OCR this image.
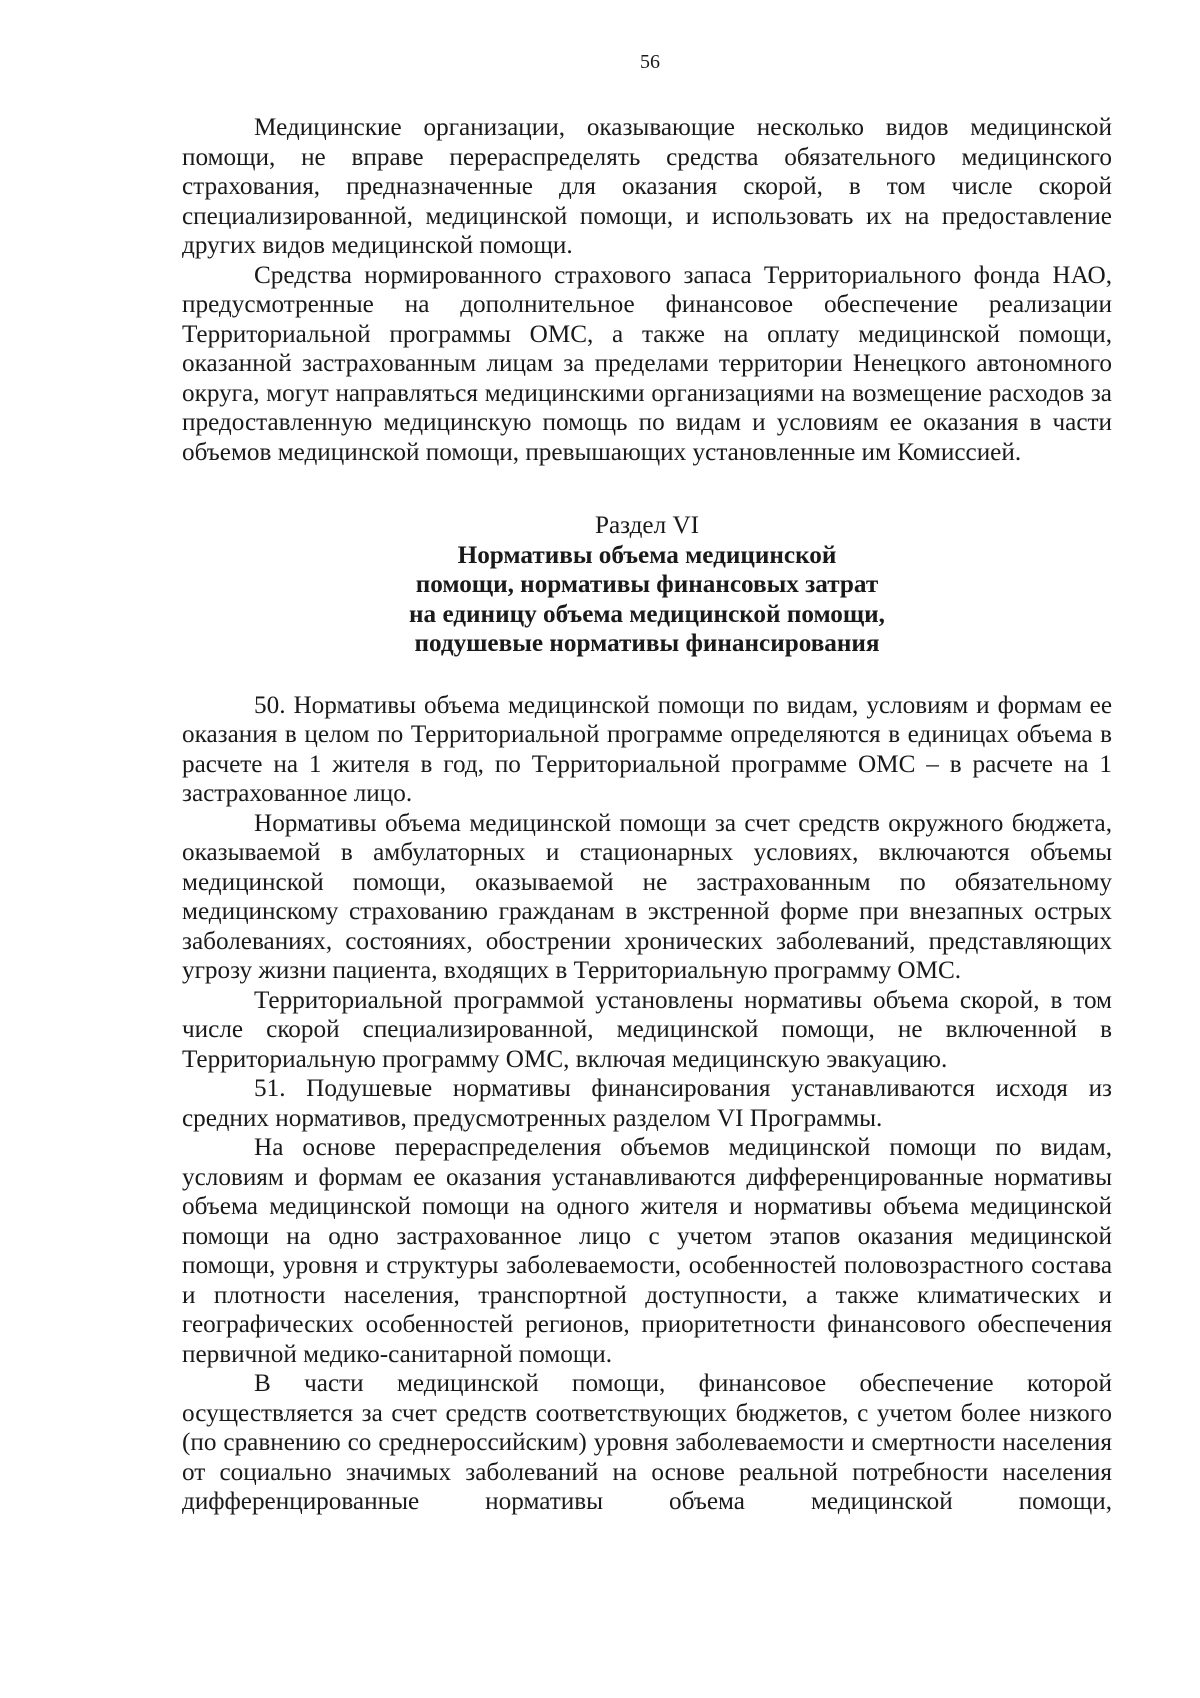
56

Медицинские организации, оказывающие несколько видов медицинской помощи, не вправе перераспределять средства обязательного медицинского страхования, предназначенные для оказания скорой, в том числе скорой специализированной, медицинской помощи, и использовать их на предоставление других видов медицинской помощи.

Средства нормированного страхового запаса Территориального фонда НАО, предусмотренные на дополнительное финансовое обеспечение реализации Территориальной программы ОМС, а также на оплату медицинской помощи, оказанной застрахованным лицам за пределами территории Ненецкого автономного округа, могут направляться медицинскими организациями на возмещение расходов за предоставленную медицинскую помощь по видам и условиям ее оказания в части объемов медицинской помощи, превышающих установленные им Комиссией.

Раздел VI
Нормативы объема медицинской
помощи, нормативы финансовых затрат
на единицу объема медицинской помощи,
подушевые нормативы финансирования

50. Нормативы объема медицинской помощи по видам, условиям и формам ее оказания в целом по Территориальной программе определяются в единицах объема в расчете на 1 жителя в год, по Территориальной программе ОМС – в расчете на 1 застрахованное лицо.

Нормативы объема медицинской помощи за счет средств окружного бюджета, оказываемой в амбулаторных и стационарных условиях, включаются объемы медицинской помощи, оказываемой не застрахованным по обязательному медицинскому страхованию гражданам в экстренной форме при внезапных острых заболеваниях, состояниях, обострении хронических заболеваний, представляющих угрозу жизни пациента, входящих в Территориальную программу ОМС.

Территориальной программой установлены нормативы объема скорой, в том числе скорой специализированной, медицинской помощи, не включенной в Территориальную программу ОМС, включая медицинскую эвакуацию.

51. Подушевые нормативы финансирования устанавливаются исходя из средних нормативов, предусмотренных разделом VI Программы.

На основе перераспределения объемов медицинской помощи по видам, условиям и формам ее оказания устанавливаются дифференцированные нормативы объема медицинской помощи на одного жителя и нормативы объема медицинской помощи на одно застрахованное лицо с учетом этапов оказания медицинской помощи, уровня и структуры заболеваемости, особенностей половозрастного состава и плотности населения, транспортной доступности, а также климатических и географических особенностей регионов, приоритетности финансового обеспечения первичной медико-санитарной помощи.

В части медицинской помощи, финансовое обеспечение которой осуществляется за счет средств соответствующих бюджетов, с учетом более низкого (по сравнению со среднероссийским) уровня заболеваемости и смертности населения от социально значимых заболеваний на основе реальной потребности населения дифференцированные нормативы объема медицинской помощи,
